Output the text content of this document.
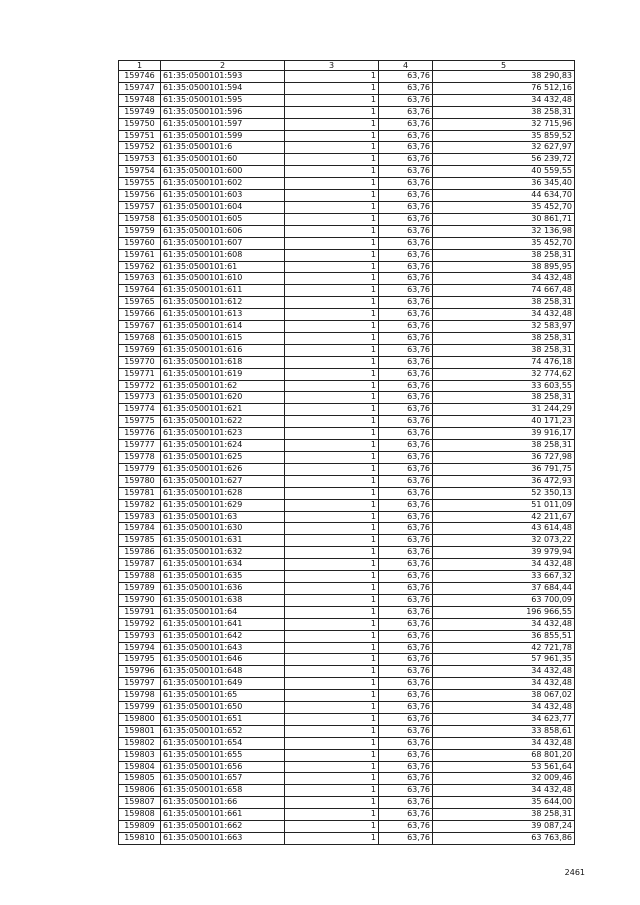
1	2	3	4	5
159746	61:35:0500101:593	1	63,76	38 290,83
159747	61:35:0500101:594	1	63,76	76 512,16
159748	61:35:0500101:595	1	63,76	34 432,48
159749	61:35:0500101:596	1	63,76	38 258,31
159750	61:35:0500101:597	1	63,76	32 715,96
159751	61:35:0500101:599	1	63,76	35 859,52
159752	61:35:0500101:6	1	63,76	32 627,97
159753	61:35:0500101:60	1	63,76	56 239,72
159754	61:35:0500101:600	1	63,76	40 559,55
159755	61:35:0500101:602	1	63,76	36 345,40
159756	61:35:0500101:603	1	63,76	44 634,70
159757	61:35:0500101:604	1	63,76	35 452,70
159758	61:35:0500101:605	1	63,76	30 861,71
159759	61:35:0500101:606	1	63,76	32 136,98
159760	61:35:0500101:607	1	63,76	35 452,70
159761	61:35:0500101:608	1	63,76	38 258,31
159762	61:35:0500101:61	1	63,76	38 895,95
159763	61:35:0500101:610	1	63,76	34 432,48
159764	61:35:0500101:611	1	63,76	74 667,48
159765	61:35:0500101:612	1	63,76	38 258,31
159766	61:35:0500101:613	1	63,76	34 432,48
159767	61:35:0500101:614	1	63,76	32 583,97
159768	61:35:0500101:615	1	63,76	38 258,31
159769	61:35:0500101:616	1	63,76	38 258,31
159770	61:35:0500101:618	1	63,76	74 476,18
159771	61:35:0500101:619	1	63,76	32 774,62
159772	61:35:0500101:62	1	63,76	33 603,55
159773	61:35:0500101:620	1	63,76	38 258,31
159774	61:35:0500101:621	1	63,76	31 244,29
159775	61:35:0500101:622	1	63,76	40 171,23
159776	61:35:0500101:623	1	63,76	39 916,17
159777	61:35:0500101:624	1	63,76	38 258,31
159778	61:35:0500101:625	1	63,76	36 727,98
159779	61:35:0500101:626	1	63,76	36 791,75
159780	61:35:0500101:627	1	63,76	36 472,93
159781	61:35:0500101:628	1	63,76	52 350,13
159782	61:35:0500101:629	1	63,76	51 011,09
159783	61:35:0500101:63	1	63,76	42 211,67
159784	61:35:0500101:630	1	63,76	43 614,48
159785	61:35:0500101:631	1	63,76	32 073,22
159786	61:35:0500101:632	1	63,76	39 979,94
159787	61:35:0500101:634	1	63,76	34 432,48
159788	61:35:0500101:635	1	63,76	33 667,32
159789	61:35:0500101:636	1	63,76	37 684,44
159790	61:35:0500101:638	1	63,76	63 700,09
159791	61:35:0500101:64	1	63,76	196 966,55
159792	61:35:0500101:641	1	63,76	34 432,48
159793	61:35:0500101:642	1	63,76	36 855,51
159794	61:35:0500101:643	1	63,76	42 721,78
159795	61:35:0500101:646	1	63,76	57 961,35
159796	61:35:0500101:648	1	63,76	34 432,48
159797	61:35:0500101:649	1	63,76	34 432,48
159798	61:35:0500101:65	1	63,76	38 067,02
159799	61:35:0500101:650	1	63,76	34 432,48
159800	61:35:0500101:651	1	63,76	34 623,77
159801	61:35:0500101:652	1	63,76	33 858,61
159802	61:35:0500101:654	1	63,76	34 432,48
159803	61:35:0500101:655	1	63,76	68 801,20
159804	61:35:0500101:656	1	63,76	53 561,64
159805	61:35:0500101:657	1	63,76	32 009,46
159806	61:35:0500101:658	1	63,76	34 432,48
159807	61:35:0500101:66	1	63,76	35 644,00
159808	61:35:0500101:661	1	63,76	38 258,31
159809	61:35:0500101:662	1	63,76	39 087,24
159810	61:35:0500101:663	1	63,76	63 763,86
2461
